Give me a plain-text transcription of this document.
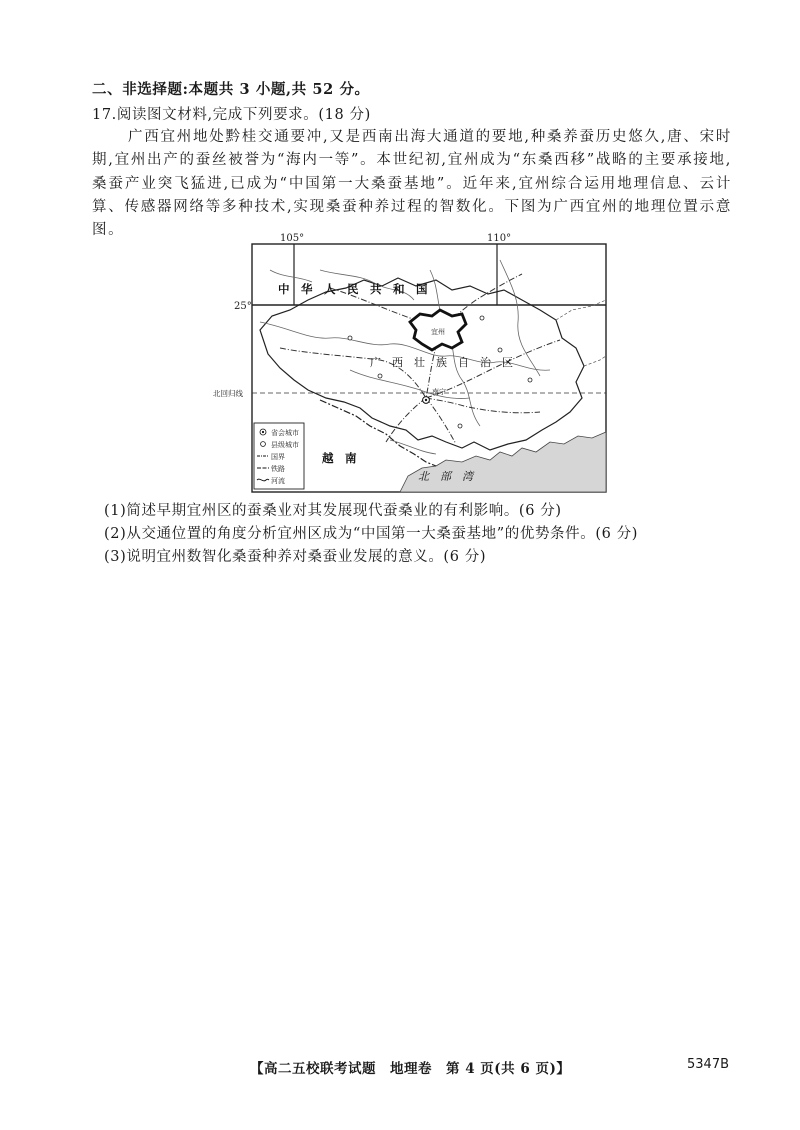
二、非选择题:本题共 3 小题,共 52 分。
17.阅读图文材料,完成下列要求。(18 分)
广西宜州地处黔桂交通要冲,又是西南出海大通道的要地,种桑养蚕历史悠久,唐、宋时期,宜州出产的蚕丝被誉为“海内一等”。本世纪初,宜州成为“东桑西移”战略的主要承接地,桑蚕产业突飞猛进,已成为“中国第一大桑蚕基地”。近年来,宜州综合运用地理信息、云计算、传感器网络等多种技术,实现桑蚕种养过程的智数化。下图为广西宜州的地理位置示意图。
宜州
南宁
中　华　人　民　共　和　国
广　西　壮　族　自　治　区
越　南
北　部　湾
105°	110°
25°
北回归线
省会城市
县级城市
国界
铁路
河流
(1)简述早期宜州区的蚕桑业对其发展现代蚕桑业的有利影响。(6 分)
(2)从交通位置的角度分析宜州区成为“中国第一大桑蚕基地”的优势条件。(6 分)
(3)说明宜州数智化桑蚕种养对桑蚕业发展的意义。(6 分)
【高二五校联考试题　地理卷　第 4 页(共 6 页)】	5347B
